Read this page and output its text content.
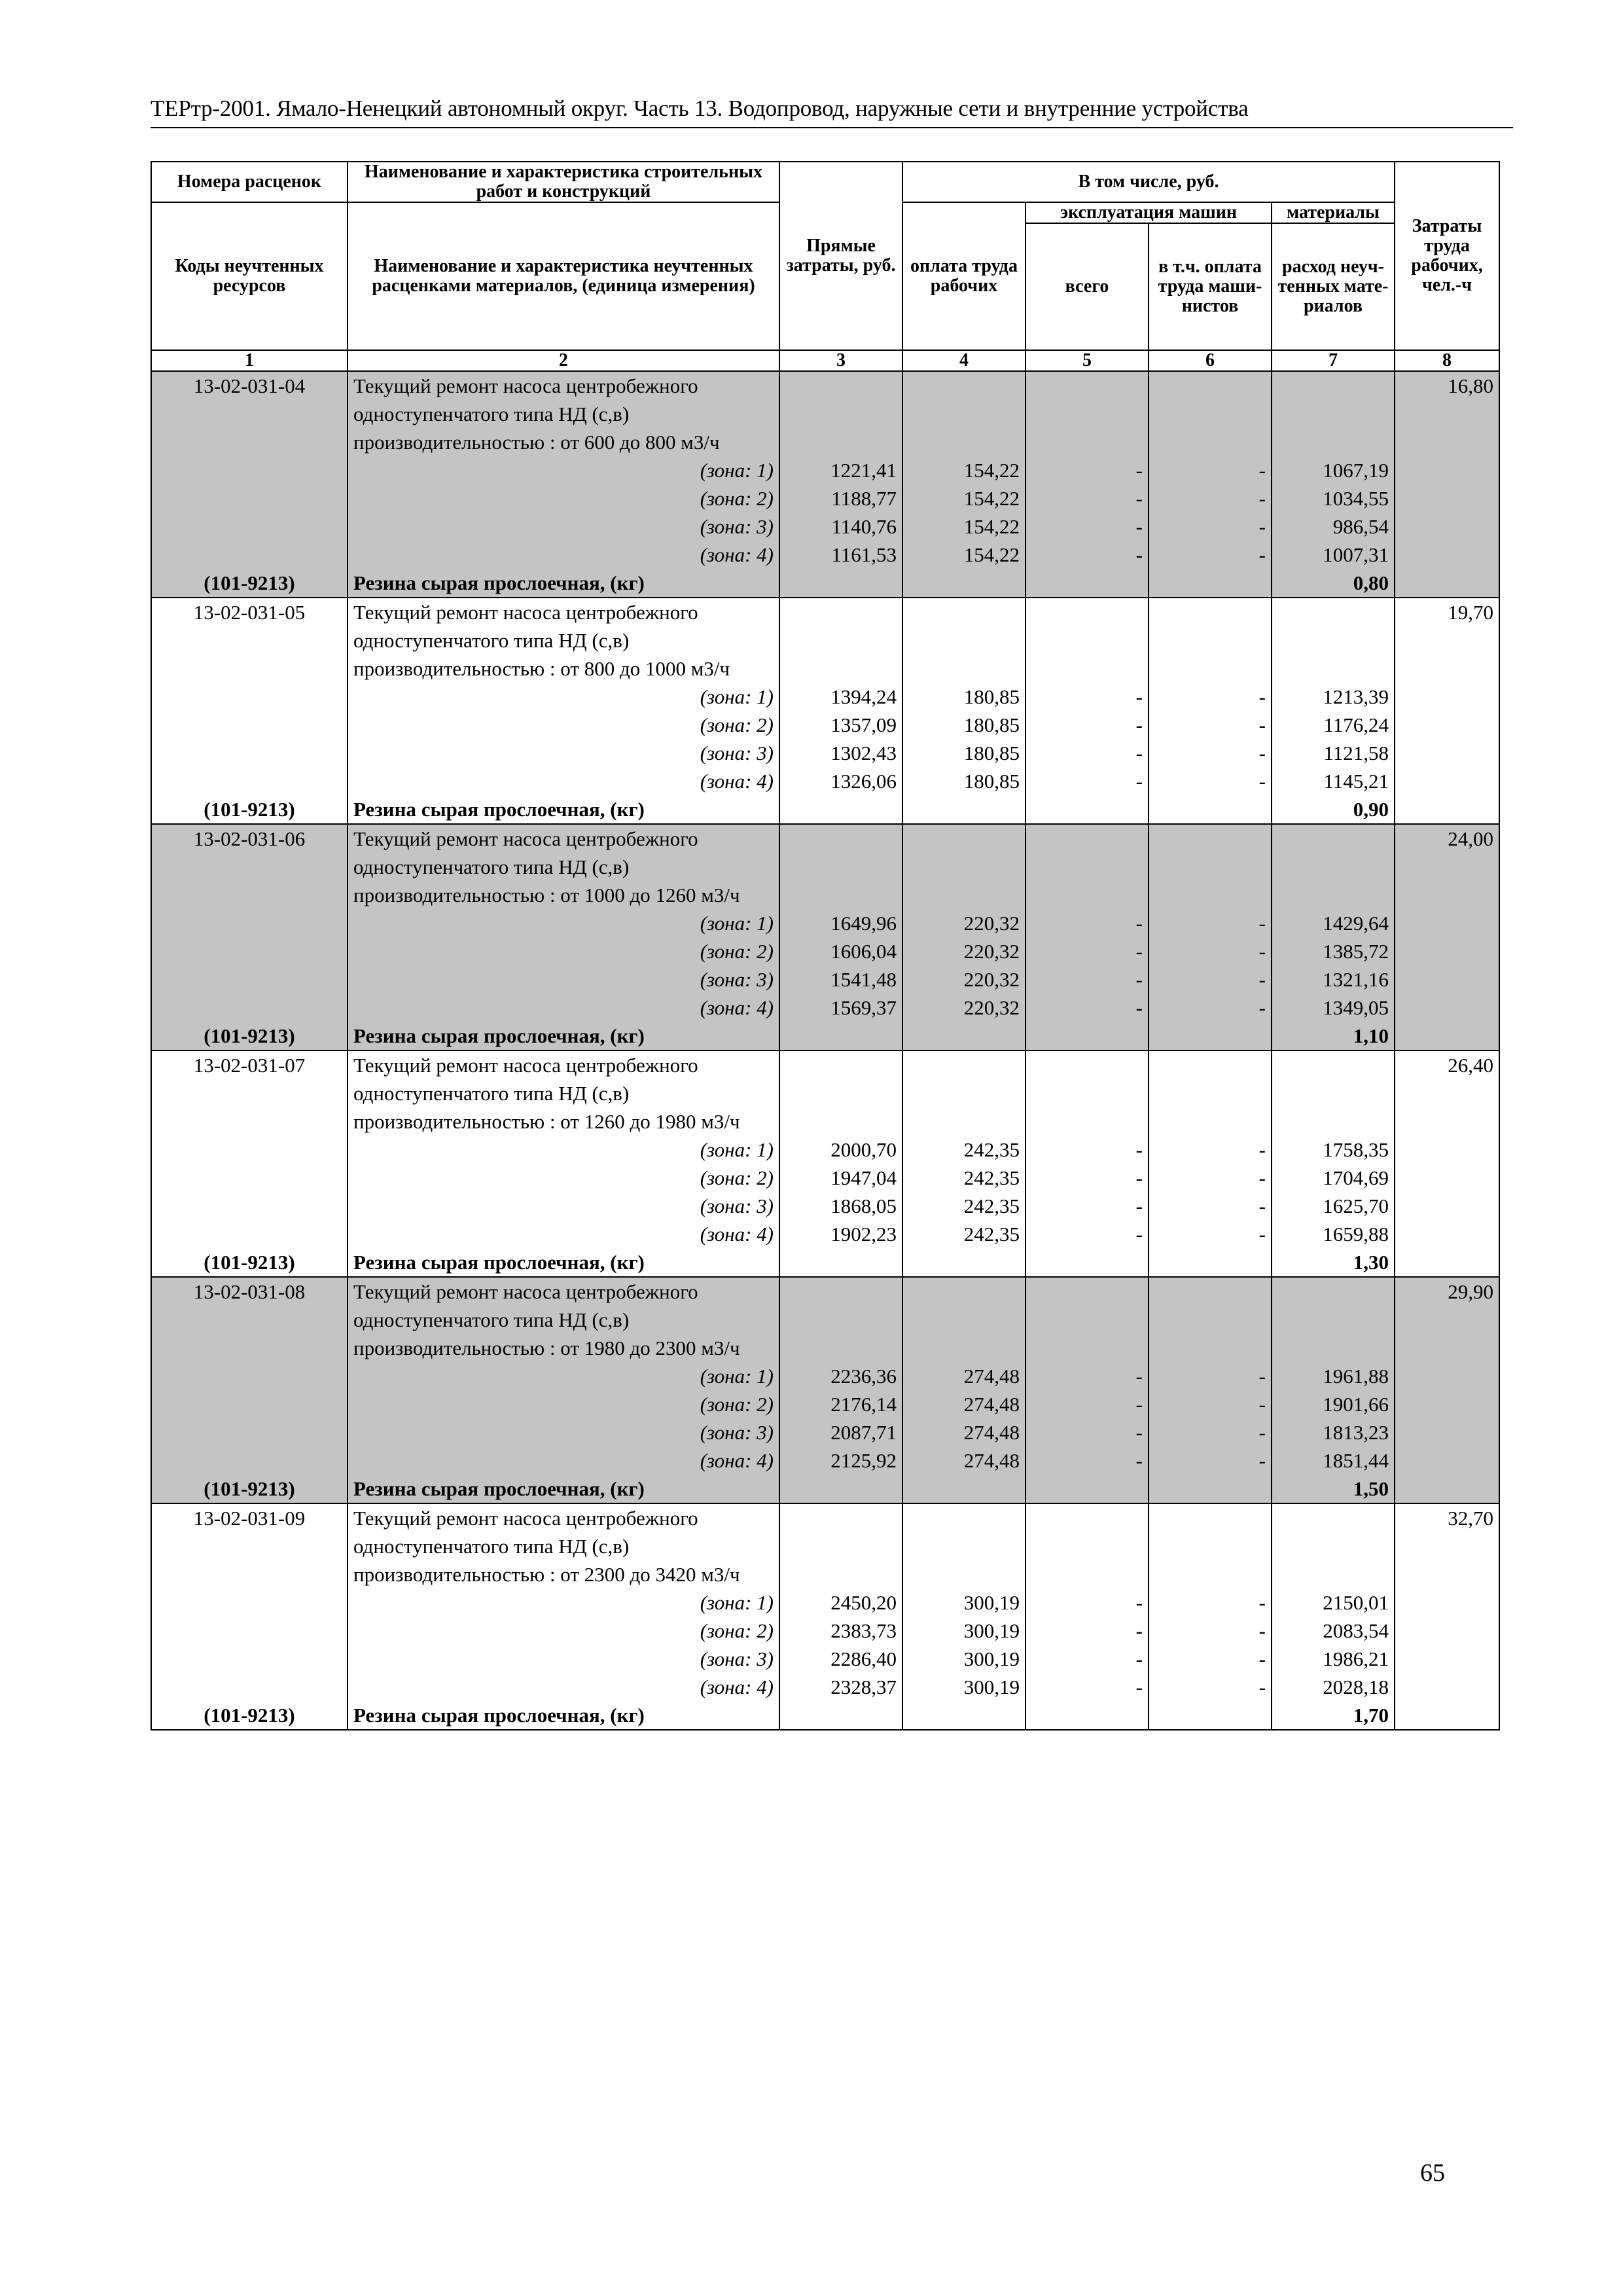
ТЕРтр-2001. Ямало-Ненецкий автономный округ. Часть 13. Водопровод, наружные сети и внутренние устройства
Номера расценок	Наименование и характеристика строительных работ и конструкций	Прямые затраты, руб.	В том числе, руб.				Затраты труда рабочих, чел.-ч
Коды неучтенных ресурсов	Наименование и характеристика неучтенных расценками материалов, (единица измерения)		оплата труда рабочих	эксплуатация машин		материалы	
				всего	в т.ч. оплата труда маши-нистов	расход неуч-тенных мате-риалов	
1	2	3	4	5	6	7	8
13-02-031-04	Текущий ремонт насоса центробежного одноступенчатого типа НД (с,в) производительностью : от 600 до 800 м3/ч						16,80
	(зона: 1)	1221,41	154,22	-	-	1067,19	
	(зона: 2)	1188,77	154,22	-	-	1034,55	
	(зона: 3)	1140,76	154,22	-	-	986,54	
	(зона: 4)	1161,53	154,22	-	-	1007,31	
(101-9213)	Резина сырая прослоечная, (кг)					0,80	
13-02-031-05	Текущий ремонт насоса центробежного одноступенчатого типа НД (с,в) производительностью : от 800 до 1000 м3/ч						19,70
	(зона: 1)	1394,24	180,85	-	-	1213,39	
	(зона: 2)	1357,09	180,85	-	-	1176,24	
	(зона: 3)	1302,43	180,85	-	-	1121,58	
	(зона: 4)	1326,06	180,85	-	-	1145,21	
(101-9213)	Резина сырая прослоечная, (кг)					0,90	
13-02-031-06	Текущий ремонт насоса центробежного одноступенчатого типа НД (с,в) производительностью : от 1000 до 1260 м3/ч						24,00
	(зона: 1)	1649,96	220,32	-	-	1429,64	
	(зона: 2)	1606,04	220,32	-	-	1385,72	
	(зона: 3)	1541,48	220,32	-	-	1321,16	
	(зона: 4)	1569,37	220,32	-	-	1349,05	
(101-9213)	Резина сырая прослоечная, (кг)					1,10	
13-02-031-07	Текущий ремонт насоса центробежного одноступенчатого типа НД (с,в) производительностью : от 1260 до 1980 м3/ч						26,40
	(зона: 1)	2000,70	242,35	-	-	1758,35	
	(зона: 2)	1947,04	242,35	-	-	1704,69	
	(зона: 3)	1868,05	242,35	-	-	1625,70	
	(зона: 4)	1902,23	242,35	-	-	1659,88	
(101-9213)	Резина сырая прослоечная, (кг)					1,30	
13-02-031-08	Текущий ремонт насоса центробежного одноступенчатого типа НД (с,в) производительностью : от 1980 до 2300 м3/ч						29,90
	(зона: 1)	2236,36	274,48	-	-	1961,88	
	(зона: 2)	2176,14	274,48	-	-	1901,66	
	(зона: 3)	2087,71	274,48	-	-	1813,23	
	(зона: 4)	2125,92	274,48	-	-	1851,44	
(101-9213)	Резина сырая прослоечная, (кг)					1,50	
13-02-031-09	Текущий ремонт насоса центробежного одноступенчатого типа НД (с,в) производительностью : от 2300 до 3420 м3/ч						32,70
	(зона: 1)	2450,20	300,19	-	-	2150,01	
	(зона: 2)	2383,73	300,19	-	-	2083,54	
	(зона: 3)	2286,40	300,19	-	-	1986,21	
	(зона: 4)	2328,37	300,19	-	-	2028,18	
(101-9213)	Резина сырая прослоечная, (кг)					1,70	
65
